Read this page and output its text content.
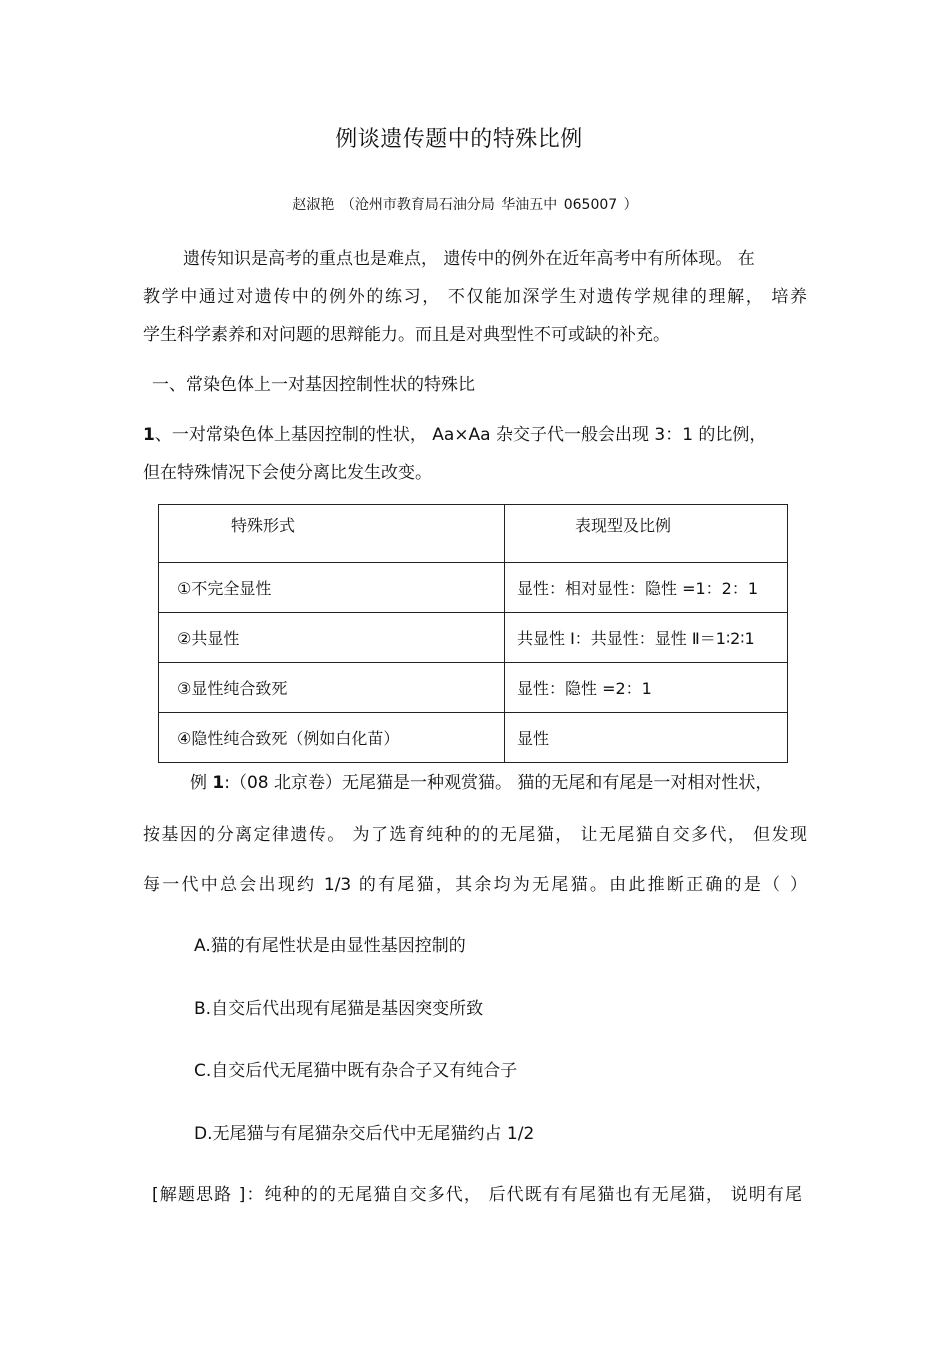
例谈遗传题中的特殊比例

赵淑艳 （沧州市教育局石油分局 华油五中 065007 ）

遗传知识是高考的重点也是难点， 遗传中的例外在近年高考中有所体现。 在

教学中通过对遗传中的例外的练习， 不仅能加深学生对遗传学规律的理解， 培养

学生科学素养和对问题的思辩能力。而且是对典型性不可或缺的补充。

一、常染色体上一对基因控制性状的特殊比

1、一对常染色体上基因控制的性状， Aa×Aa 杂交子代一般会出现 3：1 的比例，

但在特殊情况下会使分离比发生改变。

特殊形式	表现型及比例
①不完全显性	显性：相对显性：隐性 =1：2：1
②共显性	共显性 Ⅰ：共显性：显性 Ⅱ＝1∶2∶1
③显性纯合致死	显性：隐性 =2：1
④隐性纯合致死（例如白化苗）	显性

例 1:（08 北京卷）无尾猫是一种观赏猫。 猫的无尾和有尾是一对相对性状，

按基因的分离定律遗传。 为了选育纯种的的无尾猫， 让无尾猫自交多代， 但发现

每一代中总会出现约 1/3 的有尾猫，其余均为无尾猫。由此推断正确的是（ ）

A.猫的有尾性状是由显性基因控制的

B.自交后代出现有尾猫是基因突变所致

C.自交后代无尾猫中既有杂合子又有纯合子

D.无尾猫与有尾猫杂交后代中无尾猫约占 1/2

[解题思路 ]：纯种的的无尾猫自交多代， 后代既有有尾猫也有无尾猫， 说明有尾
